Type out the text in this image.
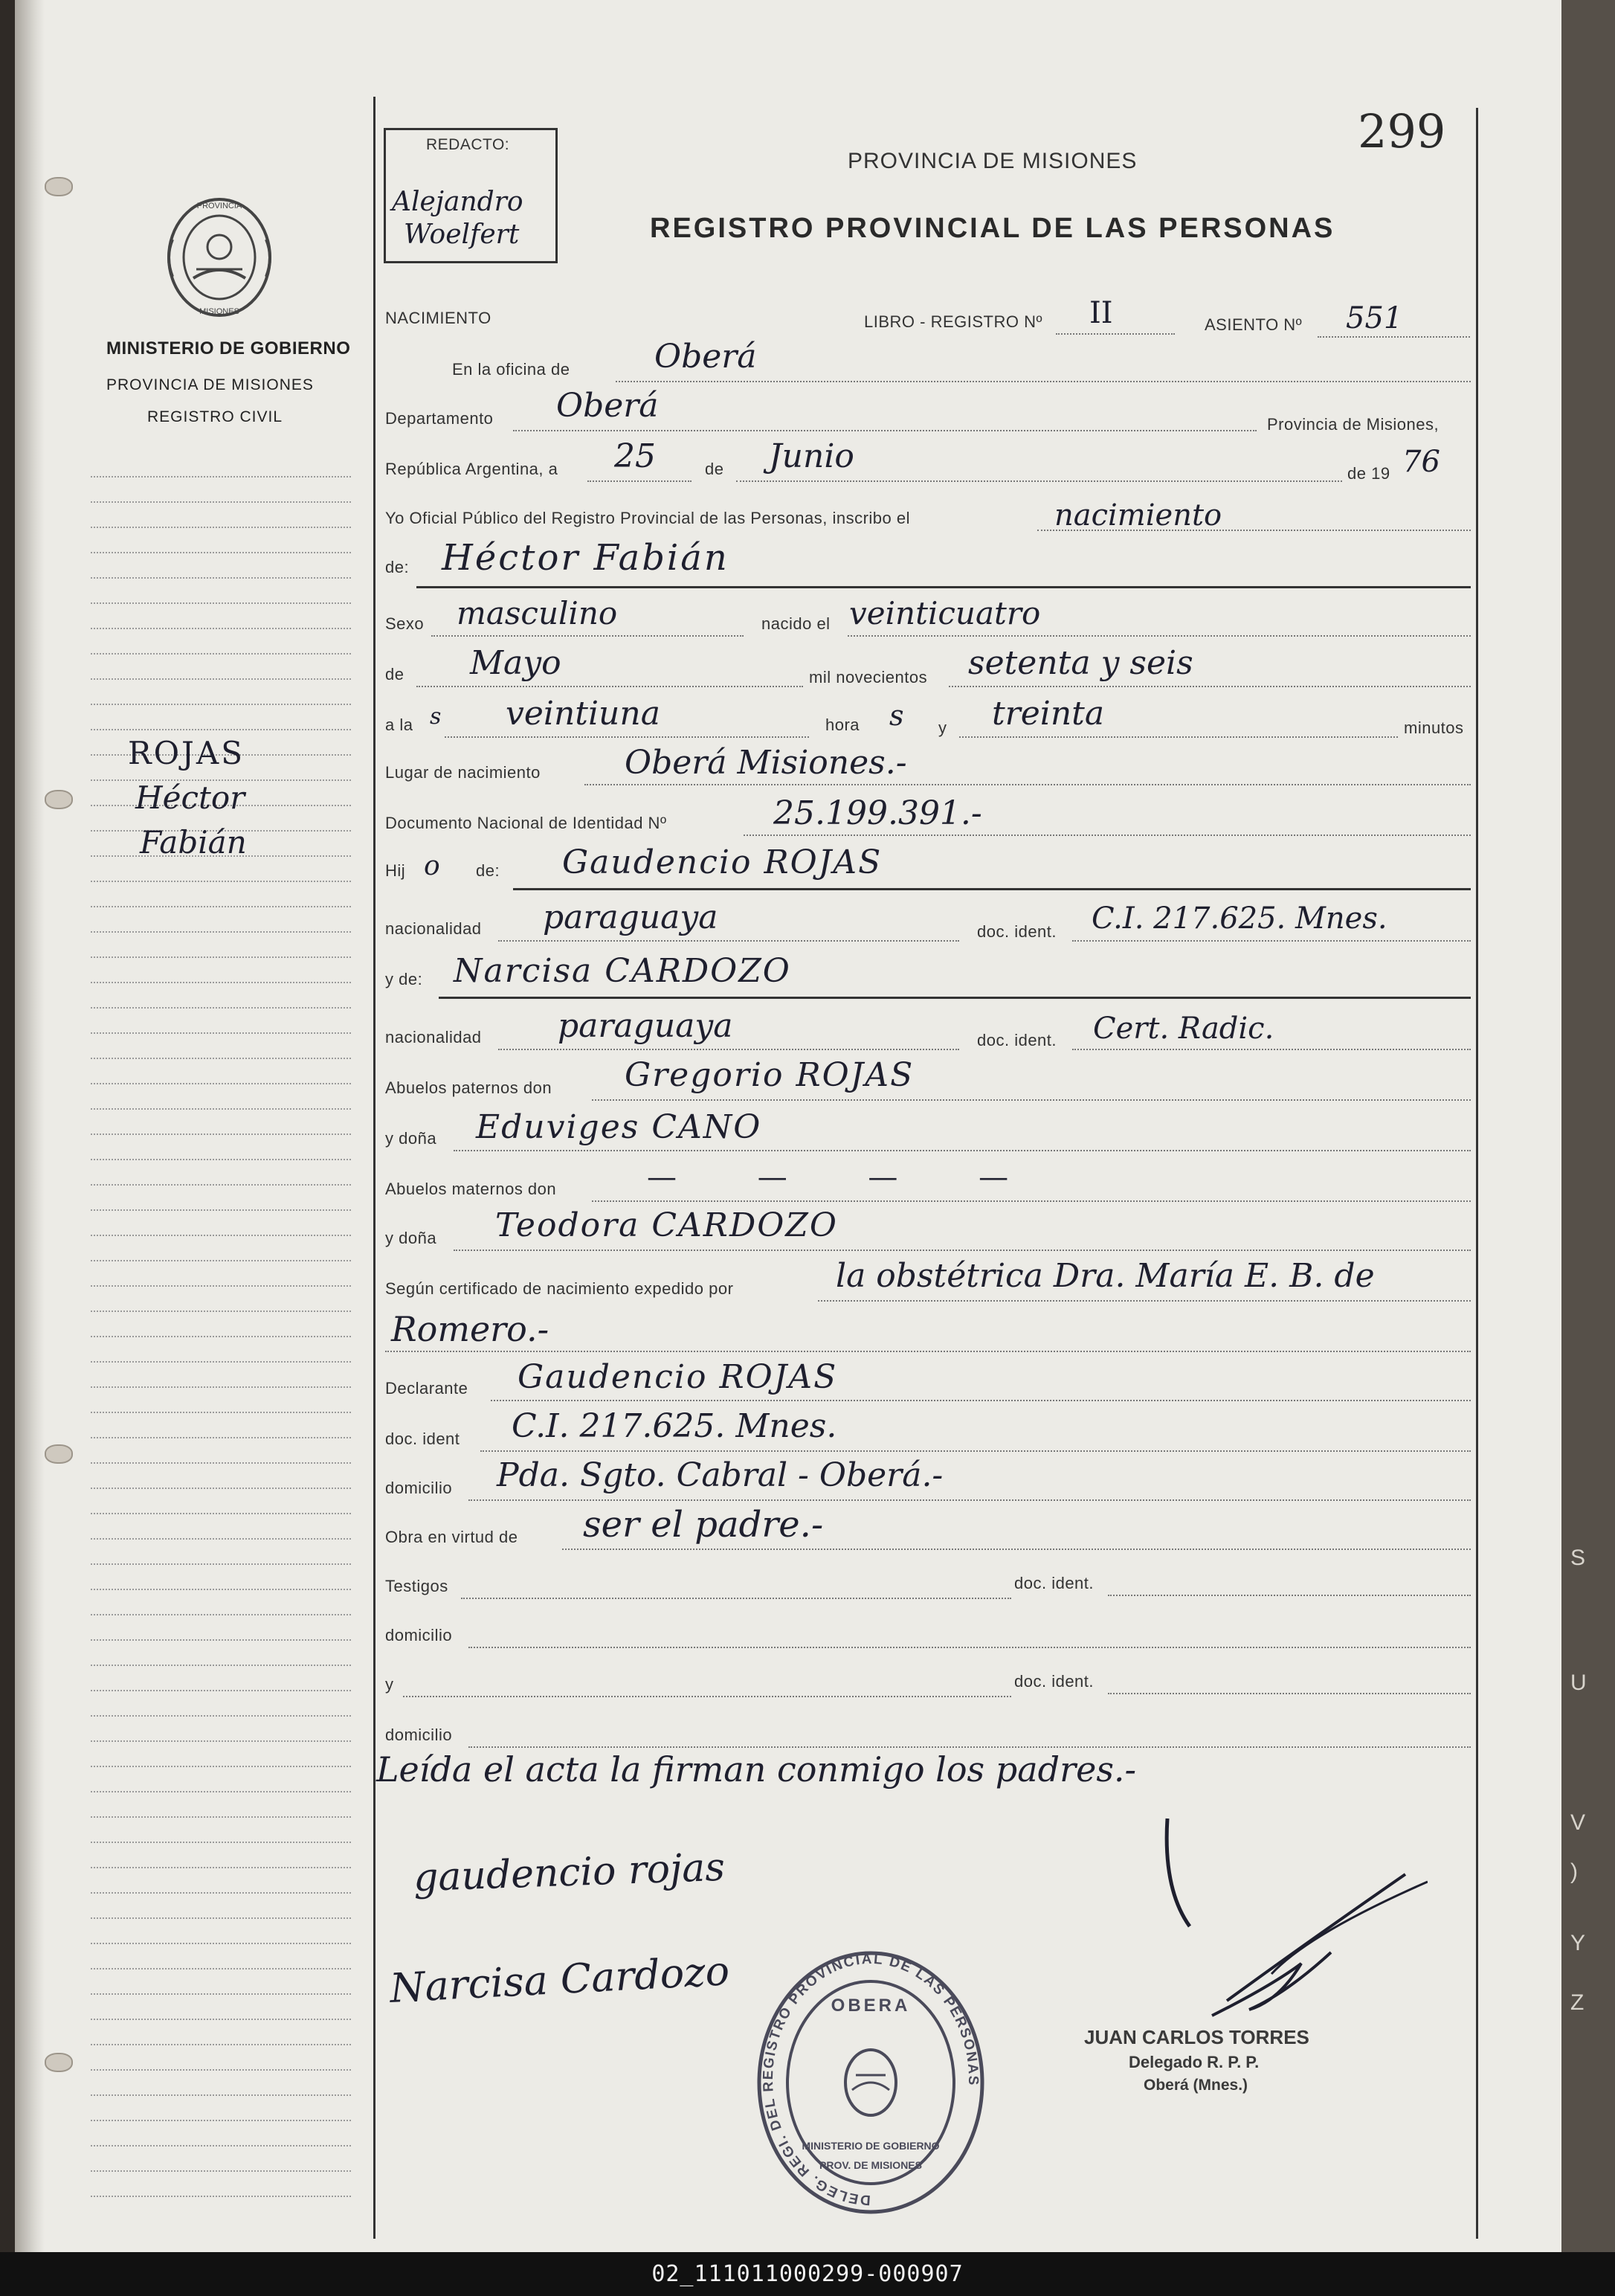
REDACTO:
Alejandro
Woelfert
PROVINCIA DE MISIONES
REGISTRO PROVINCIAL DE LAS PERSONAS
299
PROVINCIA
MISIONES
MINISTERIO DE GOBIERNO
PROVINCIA DE MISIONES
REGISTRO CIVIL
ROJAS
Héctor
Fabián
NACIMIENTO	LIBRO - REGISTRO Nº II	ASIENTO Nº 551
En la oficina de	Oberá
Departamento Oberá	Provincia de Misiones,
República Argentina, a 25	de Junio	de 19 76
Yo Oficial Público del Registro Provincial de las Personas, inscribo el	nacimiento
de: Héctor Fabián
Sexo masculino	nacido el veinticuatro
de Mayo	mil novecientos setenta y seis
a la s veintiuna	hora s y treinta	minutos
Lugar de nacimiento	Oberá Misiones.-
Documento Nacional de Identidad Nº	25.199.391.-
Hij o de: Gaudencio ROJAS
nacionalidad paraguaya	doc. ident. C.I. 217.625. Mnes.
y de: Narcisa CARDOZO
nacionalidad paraguaya	doc. ident. Cert. Radic.
Abuelos paternos don Gregorio ROJAS
y doña Eduviges CANO
Abuelos maternos don	— — — —
y doña Teodora CARDOZO
Según certificado de nacimiento expedido por	la obstétrica Dra. María E. B. de
Romero.-
Declarante Gaudencio ROJAS
doc. ident C.I. 217.625. Mnes.
domicilio Pda. Sgto. Cabral - Oberá.-
Obra en virtud de ser el padre.-
Testigos	doc. ident.
domicilio
y	doc. ident.
domicilio
Leída el acta la firman conmigo los padres.-
gaudencio rojas
Narcisa Cardozo
JUAN CARLOS TORRES
Delegado R. P. P.
Oberá (Mnes.)
DELEG. REGI. DEL REGISTRO PROVINCIAL DE LAS PERSONAS
OBERA
MINISTERIO DE GOBIERNO
PROV. DE MISIONES
S
U
V
)
Y
Z
02_111011000299-000907
